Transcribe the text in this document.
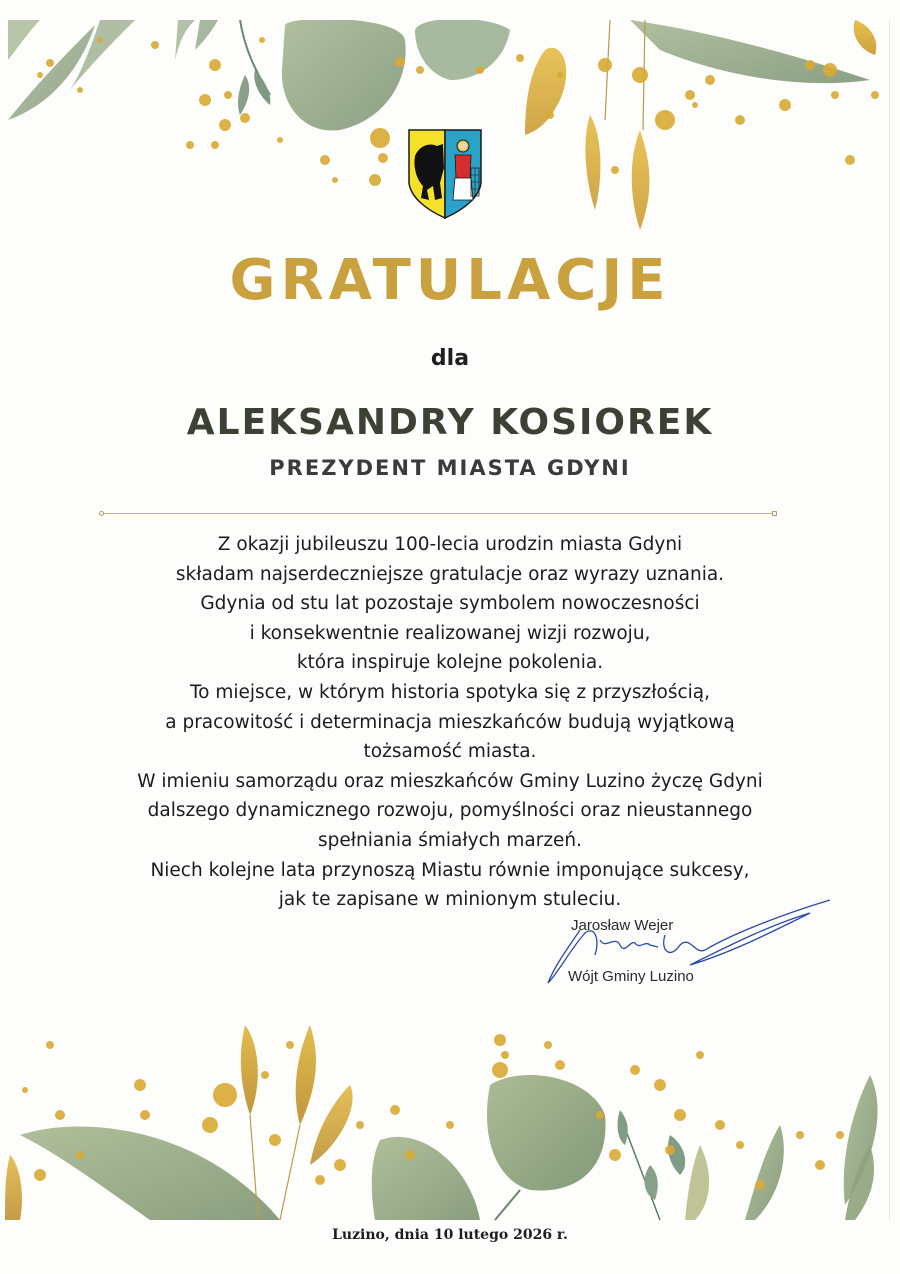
GRATULACJE
dla
ALEKSANDRY KOSIOREK
PREZYDENT MIASTA GDYNI
Z okazji jubileuszu 100-lecia urodzin miasta Gdyni
składam najserdeczniejsze gratulacje oraz wyrazy uznania.
Gdynia od stu lat pozostaje symbolem nowoczesności
i konsekwentnie realizowanej wizji rozwoju,
która inspiruje kolejne pokolenia.
To miejsce, w którym historia spotyka się z przyszłością,
a pracowitość i determinacja mieszkańców budują wyjątkową
tożsamość miasta.
W imieniu samorządu oraz mieszkańców Gminy Luzino życzę Gdyni
dalszego dynamicznego rozwoju, pomyślności oraz nieustannego
spełniania śmiałych marzeń.
Niech kolejne lata przynoszą Miastu równie imponujące sukcesy,
jak te zapisane w minionym stuleciu.
Jarosław Wejer
Wójt Gminy Luzino
Luzino, dnia 10 lutego 2026 r.
